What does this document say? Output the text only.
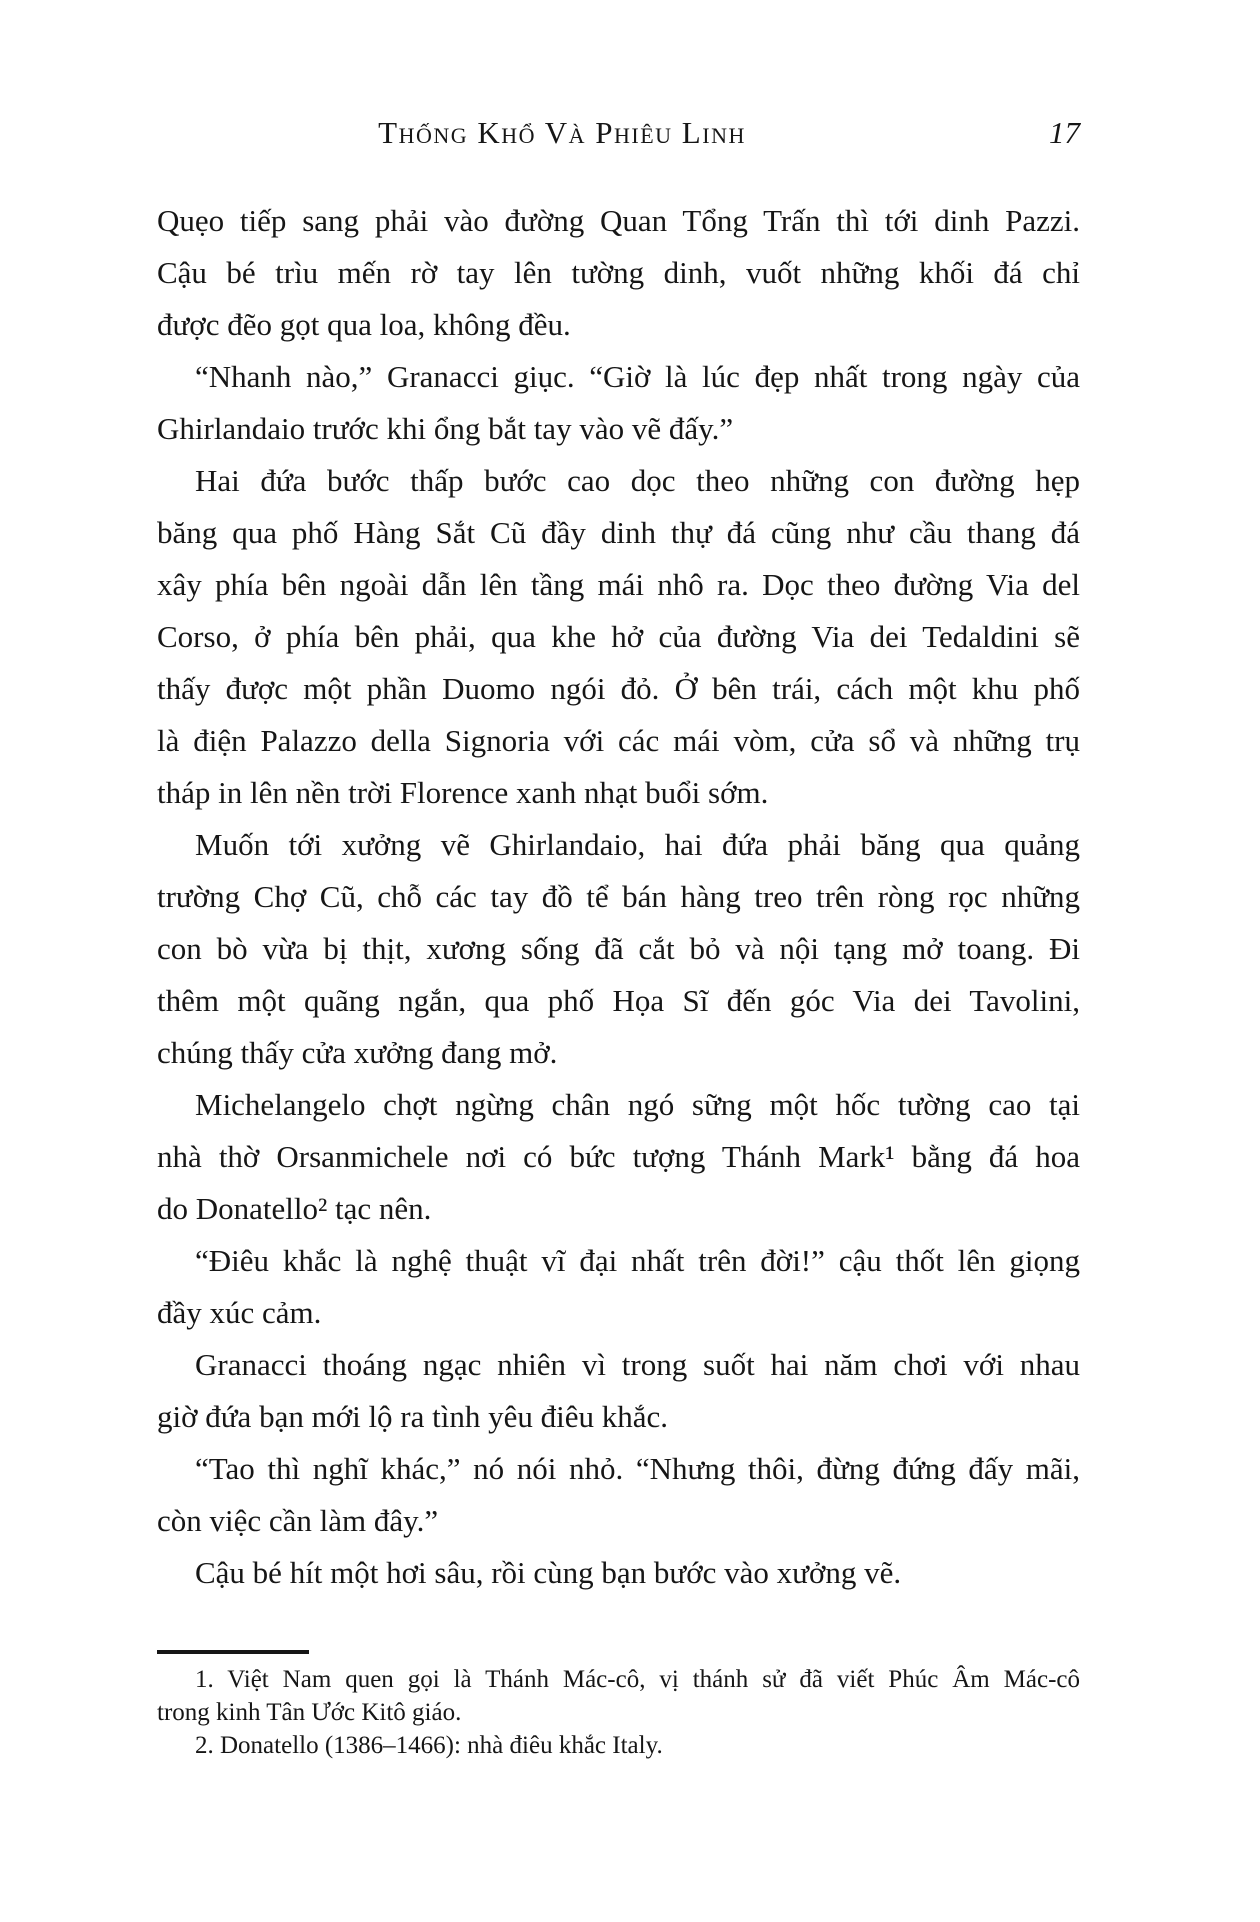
Thống Khổ Và Phiêu Linh	17
Quẹo tiếp sang phải vào đường Quan Tổng Trấn thì tới dinh Pazzi.
Cậu bé trìu mến rờ tay lên tường dinh, vuốt những khối đá chỉ
được đẽo gọt qua loa, không đều.
“Nhanh nào,” Granacci giục. “Giờ là lúc đẹp nhất trong ngày của
Ghirlandaio trước khi ổng bắt tay vào vẽ đấy.”
Hai đứa bước thấp bước cao dọc theo những con đường hẹp
băng qua phố Hàng Sắt Cũ đầy dinh thự đá cũng như cầu thang đá
xây phía bên ngoài dẫn lên tầng mái nhô ra. Dọc theo đường Via del
Corso, ở phía bên phải, qua khe hở của đường Via dei Tedaldini sẽ
thấy được một phần Duomo ngói đỏ. Ở bên trái, cách một khu phố
là điện Palazzo della Signoria với các mái vòm, cửa sổ và những trụ
tháp in lên nền trời Florence xanh nhạt buổi sớm.
Muốn tới xưởng vẽ Ghirlandaio, hai đứa phải băng qua quảng
trường Chợ Cũ, chỗ các tay đồ tể bán hàng treo trên ròng rọc những
con bò vừa bị thịt, xương sống đã cắt bỏ và nội tạng mở toang. Đi
thêm một quãng ngắn, qua phố Họa Sĩ đến góc Via dei Tavolini,
chúng thấy cửa xưởng đang mở.
Michelangelo chợt ngừng chân ngó sững một hốc tường cao tại
nhà thờ Orsanmichele nơi có bức tượng Thánh Mark¹ bằng đá hoa
do Donatello² tạc nên.
“Điêu khắc là nghệ thuật vĩ đại nhất trên đời!” cậu thốt lên giọng
đầy xúc cảm.
Granacci thoáng ngạc nhiên vì trong suốt hai năm chơi với nhau
giờ đứa bạn mới lộ ra tình yêu điêu khắc.
“Tao thì nghĩ khác,” nó nói nhỏ. “Nhưng thôi, đừng đứng đấy mãi,
còn việc cần làm đây.”
Cậu bé hít một hơi sâu, rồi cùng bạn bước vào xưởng vẽ.
1. Việt Nam quen gọi là Thánh Mác-cô, vị thánh sử đã viết Phúc Âm Mác-cô
trong kinh Tân Ước Kitô giáo.
2. Donatello (1386–1466): nhà điêu khắc Italy.
